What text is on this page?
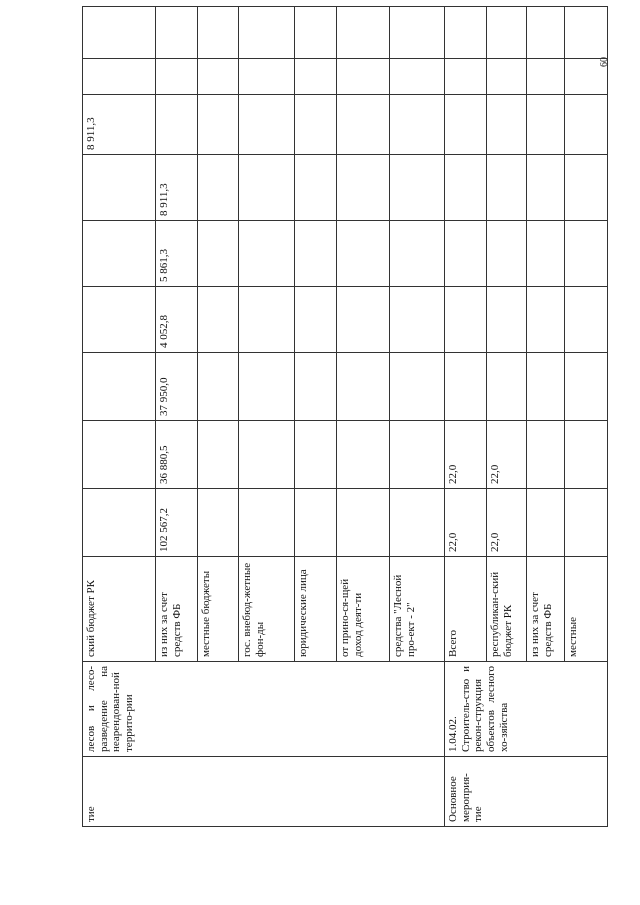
60
тие	лесов и лесо-разведение на неарендован-ной террито-рии	ский бюджет РК							8 911,3		
		из них за счет средств ФБ	102 567,2	36 880,5	37 950,0	4 052,8	5 861,3	8 911,3			
		местные бюджеты									
		гос. внебюд-жетные фон-ды									
		юридические лица									
		от прино-ся-щей доход деят-ти									
		средства "Лесной про-ект - 2"									
Основное мероприя-тие	1.04.02. Строитель-ство и рекон-струкция объектов лесного хо-зяйства	Всего	22,0	22,0							
		республикан-ский бюджет РК	22,0	22,0							
		из них за счет средств ФБ									
		местные									
